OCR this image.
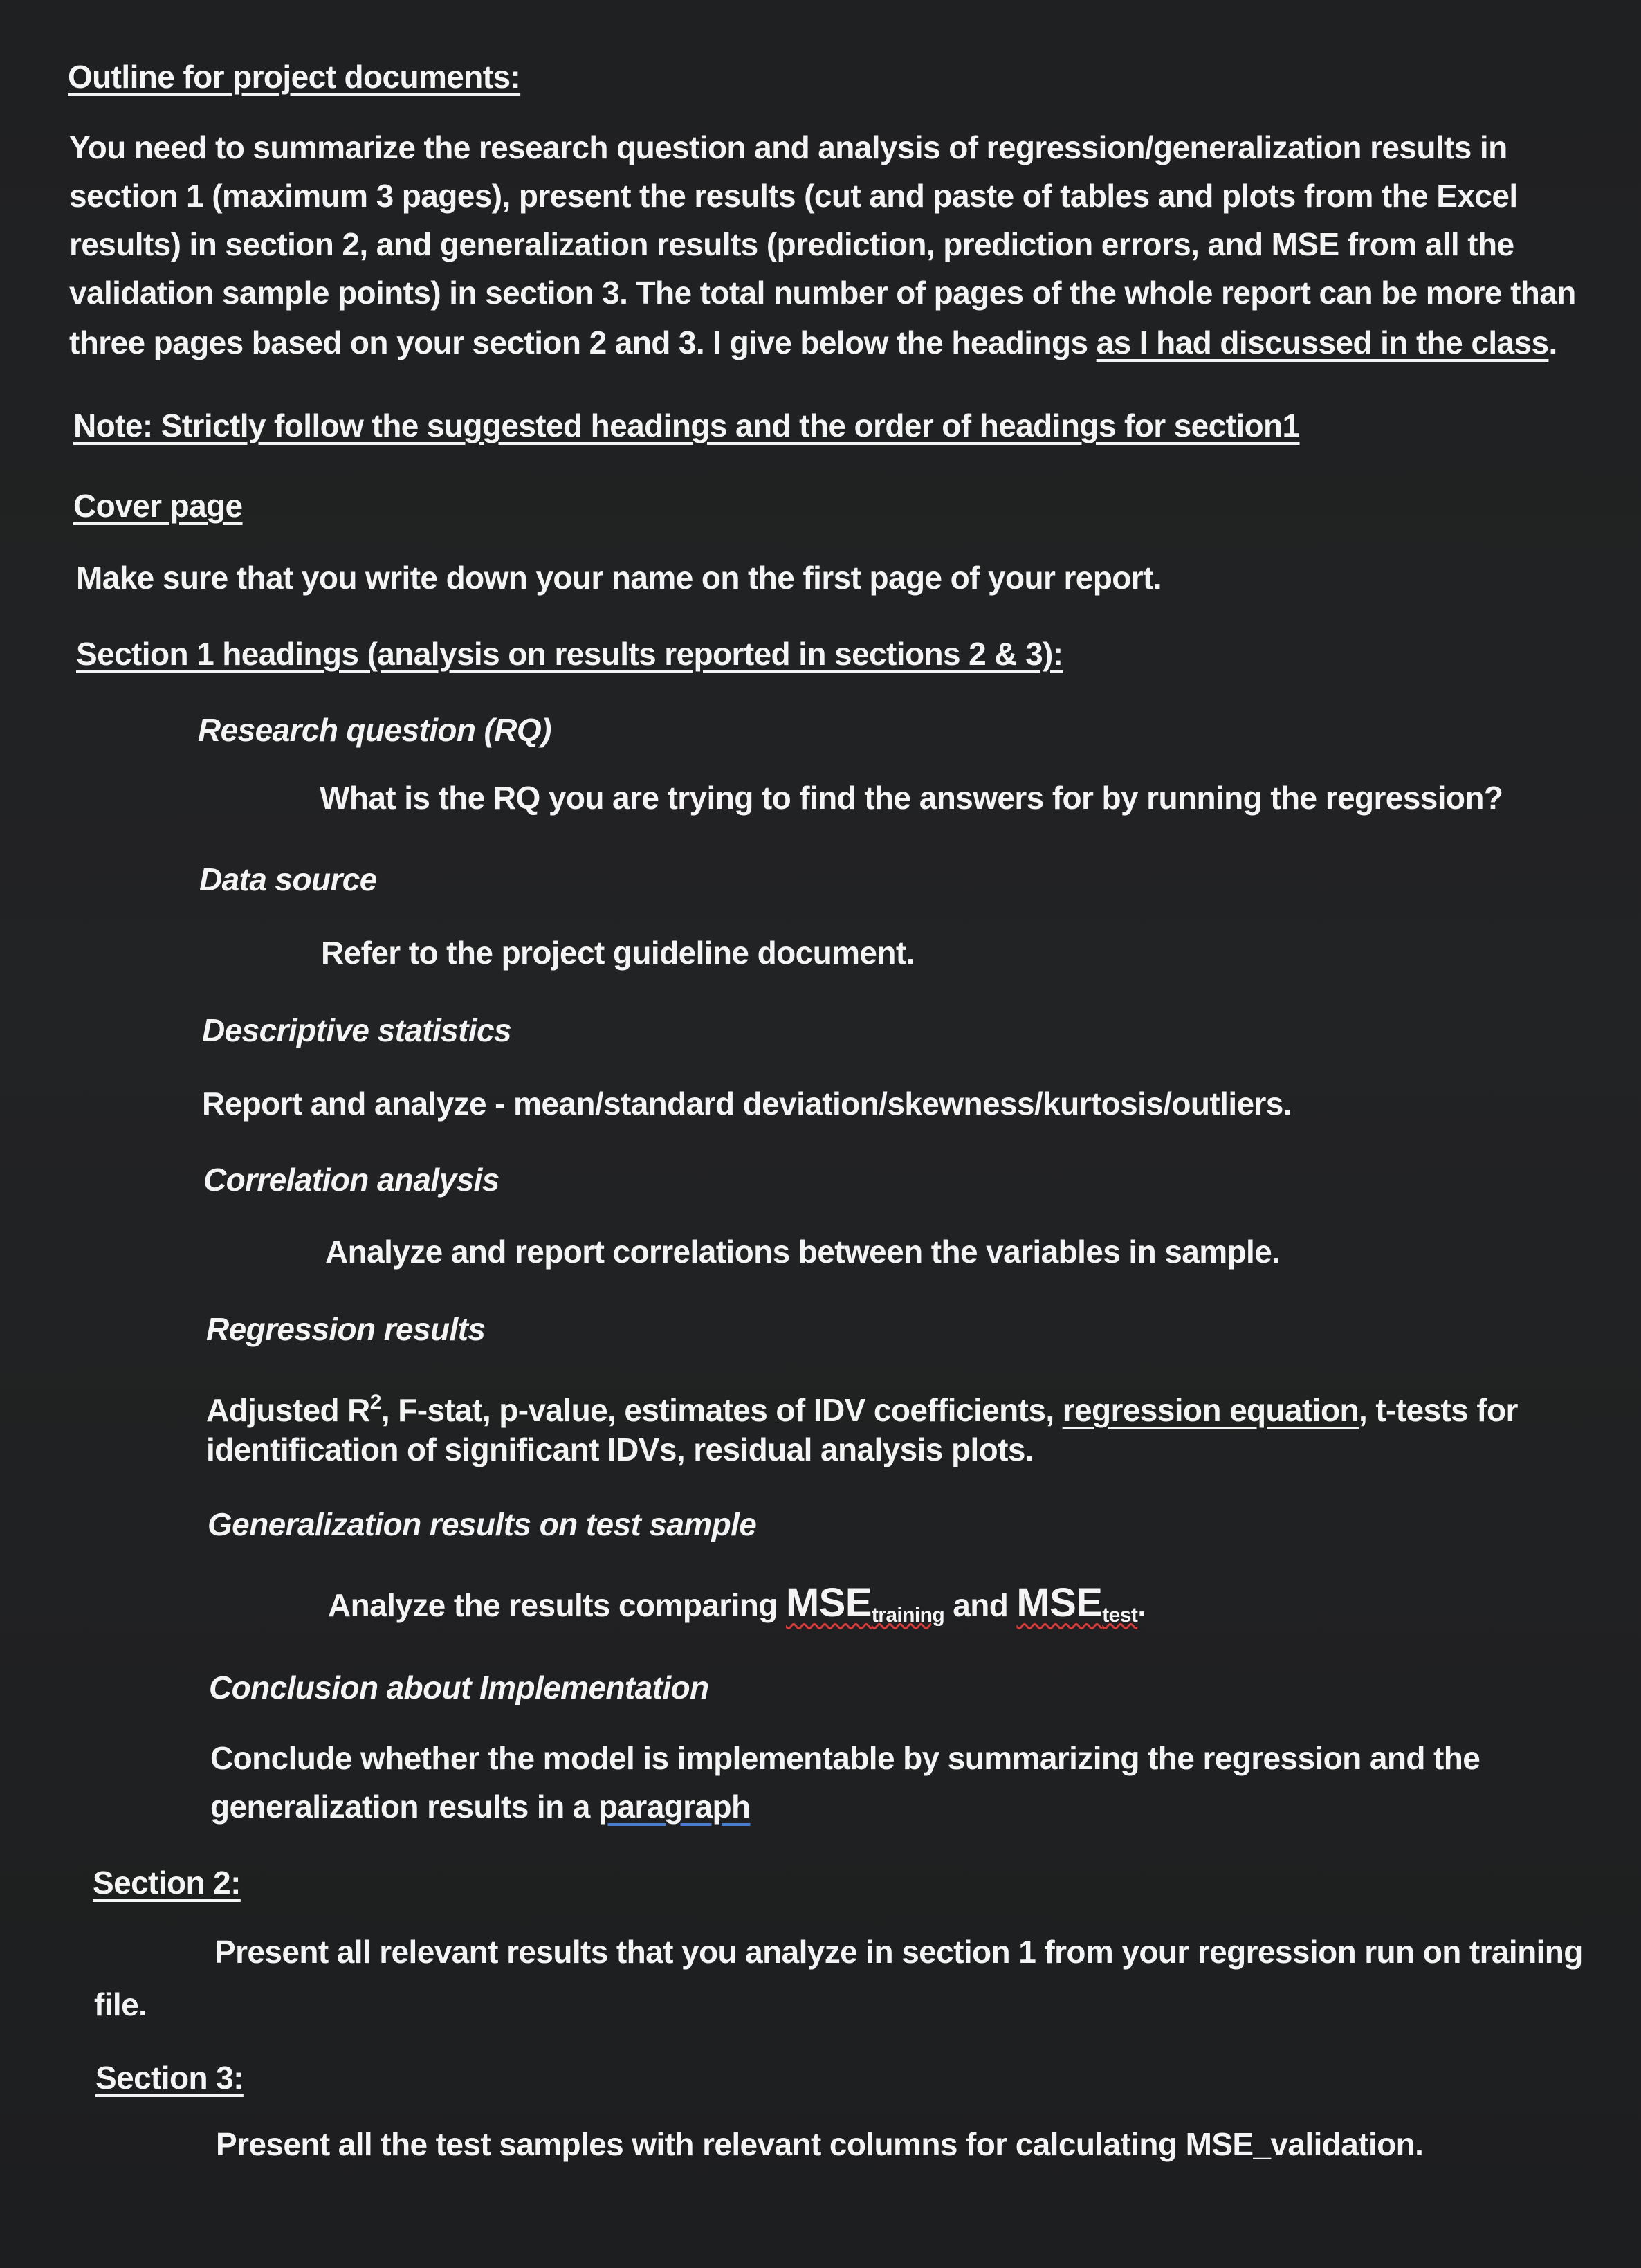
Outline for project documents:
You need to summarize the research question and analysis of regression/generalization results in
section 1 (maximum 3 pages), present the results (cut and paste of tables and plots from the Excel
results) in section 2, and generalization results (prediction, prediction errors, and MSE from all the
validation sample points) in section 3. The total number of pages of the whole report can be more than
three pages based on your section 2 and 3. I give below the headings as I had discussed in the class.
Note: Strictly follow the suggested headings and the order of headings for section1
Cover page
Make sure that you write down your name on the first page of your report.
Section 1 headings (analysis on results reported in sections 2 & 3):
Research question (RQ)
What is the RQ you are trying to find the answers for by running the regression?
Data source
Refer to the project guideline document.
Descriptive statistics
Report and analyze - mean/standard deviation/skewness/kurtosis/outliers.
Correlation analysis
Analyze and report correlations between the variables in sample.
Regression results
Adjusted $R^2$, F-stat, p-value, estimates of IDV coefficients, regression equation, t-tests for
identification of significant IDVs, residual analysis plots.
Generalization results on test sample
Analyze the results comparing $MSE_{training}$ and $MSE_{test}$.
Conclusion about Implementation
Conclude whether the model is implementable by summarizing the regression and the
generalization results in a paragraph
Section 2:
Present all relevant results that you analyze in section 1 from your regression run on training
file.
Section 3:
Present all the test samples with relevant columns for calculating MSE_validation.
